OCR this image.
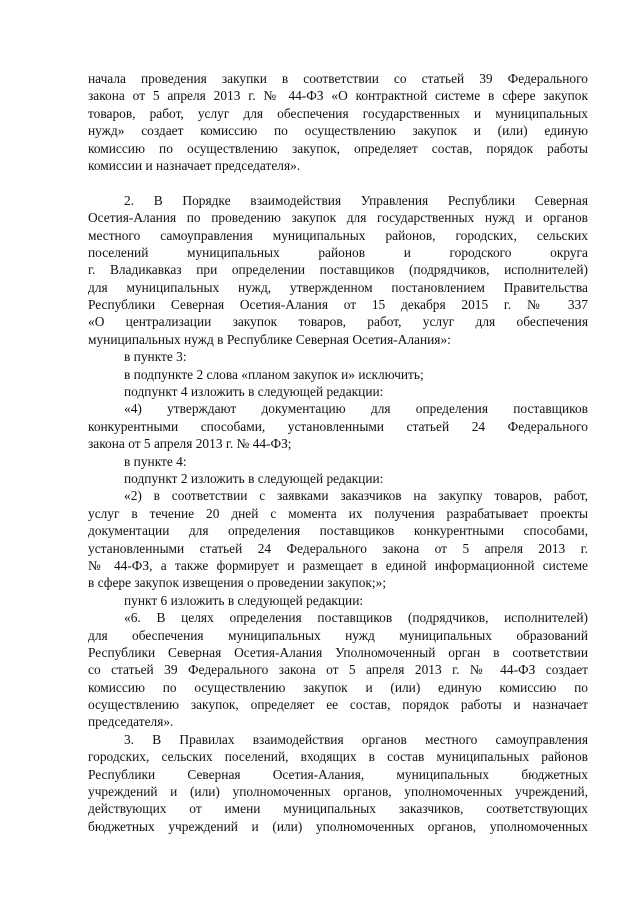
начала проведения закупки в соответствии со статьей 39 Федерального
закона от 5 апреля 2013 г. № 44-ФЗ «О контрактной системе в сфере закупок
товаров, работ, услуг для обеспечения государственных и муниципальных
нужд» создает комиссию по осуществлению закупок и (или) единую
комиссию по осуществлению закупок, определяет состав, порядок работы
комиссии и назначает председателя».
2. В Порядке взаимодействия Управления Республики Северная
Осетия-Алания по проведению закупок для государственных нужд и органов
местного самоуправления муниципальных районов, городских, сельских
поселений муниципальных районов и городского округа
г. Владикавказ при определении поставщиков (подрядчиков, исполнителей)
для муниципальных нужд, утвержденном постановлением Правительства
Республики Северная Осетия-Алания от 15 декабря 2015 г. № 337
«О централизации закупок товаров, работ, услуг для обеспечения
муниципальных нужд в Республике Северная Осетия-Алания»:
в пункте 3:
в подпункте 2 слова «планом закупок и» исключить;
подпункт 4 изложить в следующей редакции:
«4) утверждают документацию для определения поставщиков
конкурентными способами, установленными статьей 24 Федерального
закона от 5 апреля 2013 г. № 44-ФЗ;
в пункте 4:
подпункт 2 изложить в следующей редакции:
«2) в соответствии с заявками заказчиков на закупку товаров, работ,
услуг в течение 20 дней с момента их получения разрабатывает проекты
документации для определения поставщиков конкурентными способами,
установленными статьей 24 Федерального закона от 5 апреля 2013 г.
№ 44-ФЗ, а также формирует и размещает в единой информационной системе
в сфере закупок извещения о проведении закупок;»;
пункт 6 изложить в следующей редакции:
«6. В целях определения поставщиков (подрядчиков, исполнителей)
для обеспечения муниципальных нужд муниципальных образований
Республики Северная Осетия-Алания Уполномоченный орган в соответствии
со статьей 39 Федерального закона от 5 апреля 2013 г. № 44-ФЗ создает
комиссию по осуществлению закупок и (или) единую комиссию по
осуществлению закупок, определяет ее состав, порядок работы и назначает
председателя».
3. В Правилах взаимодействия органов местного самоуправления
городских, сельских поселений, входящих в состав муниципальных районов
Республики Северная Осетия-Алания, муниципальных бюджетных
учреждений и (или) уполномоченных органов, уполномоченных учреждений,
действующих от имени муниципальных заказчиков, соответствующих
бюджетных учреждений и (или) уполномоченных органов, уполномоченных
